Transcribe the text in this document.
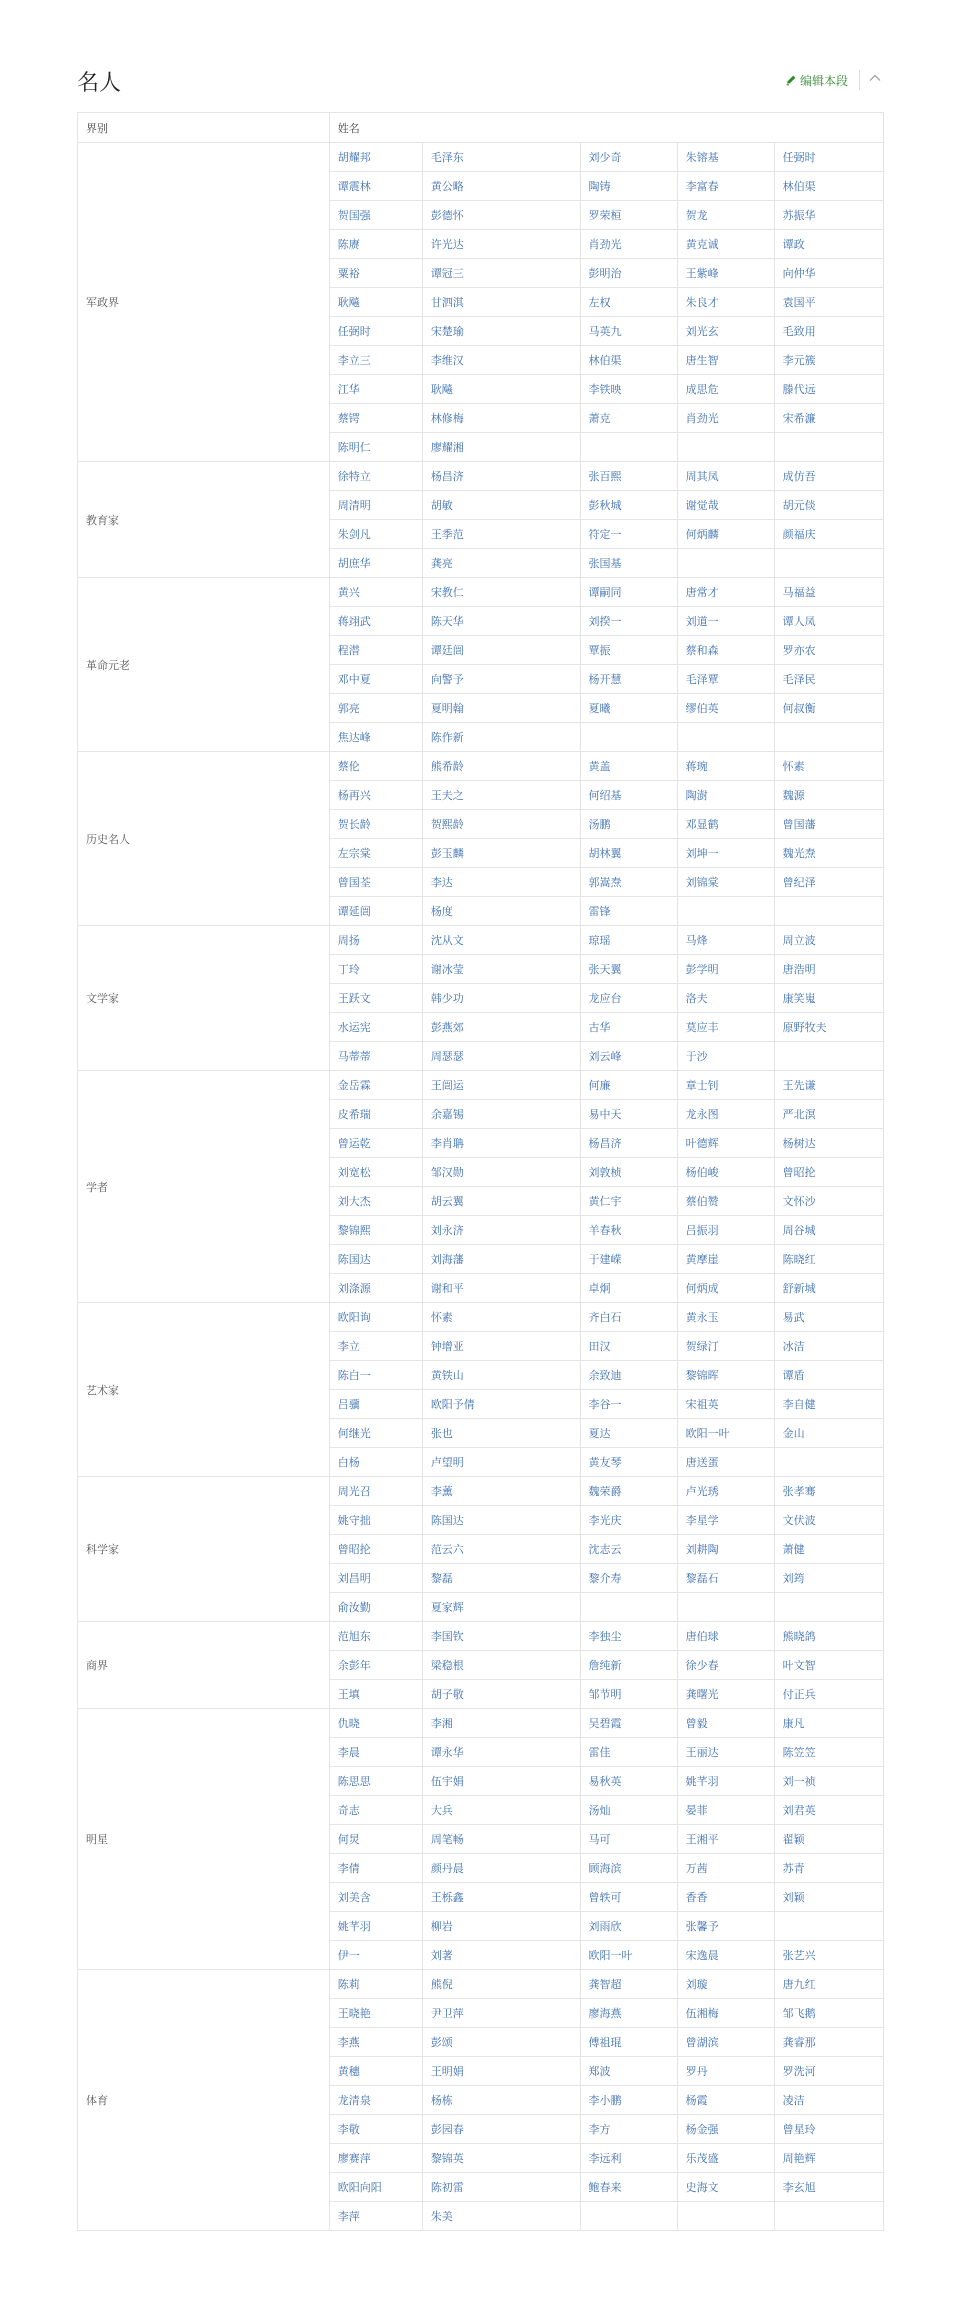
名人	编辑本段
界别	姓名				
军政界	胡耀邦	毛泽东	刘少奇	朱镕基	任弼时
	谭震林	黄公略	陶铸	李富春	林伯渠
	贺国强	彭德怀	罗荣桓	贺龙	苏振华
	陈赓	许光达	肖劲光	黄克诚	谭政
	粟裕	谭冠三	彭明治	王紫峰	向仲华
	耿飚	甘泗淇	左权	朱良才	袁国平
	任弼时	宋楚瑜	马英九	刘光玄	毛致用
	李立三	李维汉	林伯渠	唐生智	李元簇
	江华	耿飚	李铁映	成思危	滕代远
	蔡锷	林修梅	萧克	肖劲光	宋希濂
	陈明仁	廖耀湘			
教育家	徐特立	杨昌济	张百熙	周其凤	成仿吾
	周清明	胡敏	彭秋城	谢觉哉	胡元倓
	朱剑凡	王季范	符定一	何炳麟	颜福庆
	胡庶华	龚亮	张国基		
革命元老	黄兴	宋教仁	谭嗣同	唐常才	马福益
	蒋翊武	陈天华	刘揆一	刘道一	谭人凤
	程潜	谭廷闿	覃振	蔡和森	罗亦农
	邓中夏	向警予	杨开慧	毛泽覃	毛泽民
	郭亮	夏明翰	夏曦	缪伯英	何叔衡
	焦达峰	陈作新			
历史名人	蔡伦	熊希龄	黄盖	蒋琬	怀素
	杨再兴	王夫之	何绍基	陶澍	魏源
	贺长龄	贺熙龄	汤鹏	邓显鹤	曾国藩
	左宗棠	彭玉麟	胡林翼	刘坤一	魏光焘
	曾国荃	李达	郭嵩焘	刘锦棠	曾纪泽
	谭延闿	杨度	雷锋		
文学家	周扬	沈从文	琼瑶	马烽	周立波
	丁玲	谢冰莹	张天翼	彭学明	唐浩明
	王跃文	韩少功	龙应台	洛夫	康笑嵬
	水运宪	彭燕郊	古华	莫应丰	原野牧夫
	马蒂蒂	周瑟瑟	刘云峰	于沙	
学者	金岳霖	王闿运	何廉	章士钊	王先谦
	皮希瑞	余嘉锡	易中天	龙永图	严北溟
	曾运乾	李肖聃	杨昌济	叶德辉	杨树达
	刘宽松	邹汉勋	刘敦桢	杨伯峻	曾昭抡
	刘大杰	胡云翼	黄仁宇	蔡伯赞	文怀沙
	黎锦熙	刘永济	羊春秋	吕振羽	周谷城
	陈国达	刘海藩	于建嵘	黄摩崖	陈晓红
	刘涤源	谢和平	卓炯	何炳成	舒新城
艺术家	欧阳询	怀素	齐白石	黄永玉	易武
	李立	钟增亚	田汉	贺绿汀	冰洁
	陈白一	黄铁山	余致迪	黎锦晖	谭盾
	吕骥	欧阳予倩	李谷一	宋祖英	李自健
	何继光	张也	夏达	欧阳一叶	金山
	白杨	卢望明	黄友琴	唐送蛋	
科学家	周光召	李薰	魏荣爵	卢光琇	张孝骞
	姚守拙	陈国达	李光庆	李星学	文伏波
	曾昭抡	范云六	沈志云	刘耕陶	萧健
	刘昌明	黎磊	黎介寿	黎磊石	刘筠
	俞汝勤	夏家辉			
商界	范旭东	李国钦	李独尘	唐伯球	熊晓鸽
	余彭年	梁稳根	詹纯新	徐少春	叶文智
	王填	胡子敬	邹节明	龚曙光	付正兵
明星	仇晓	李湘	吴碧霞	曾毅	康凡
	李晨	谭永华	雷佳	王丽达	陈笠笠
	陈思思	伍宇娟	易秋英	姚芊羽	刘一祯
	奇志	大兵	汤灿	晏菲	刘君英
	何炅	周笔畅	马可	王湘平	翟颖
	李倩	颜丹晨	顾海滨	万茜	苏青
	刘美含	王栎鑫	曾轶可	香香	刘颖
	姚芊羽	柳岩	刘雨欣	张馨予	
	伊一	刘著	欧阳一叶	宋逸晨	张艺兴
体育	陈莉	熊倪	龚智超	刘璇	唐九红
	王晓艳	尹卫萍	廖海燕	伍湘梅	邹飞鹅
	李燕	彭颂	傅祖琨	曾湖滨	龚睿那
	黄穗	王明娟	郑波	罗丹	罗洗河
	龙清泉	杨栋	李小鹏	杨霞	凌洁
	李敬	彭园春	李方	杨金强	曾星玲
	廖赛萍	黎锦英	李远利	乐茂盛	周艳辉
	欧阳向阳	陈初雷	鲍春来	史海文	李玄旭
	李萍	朱美			
